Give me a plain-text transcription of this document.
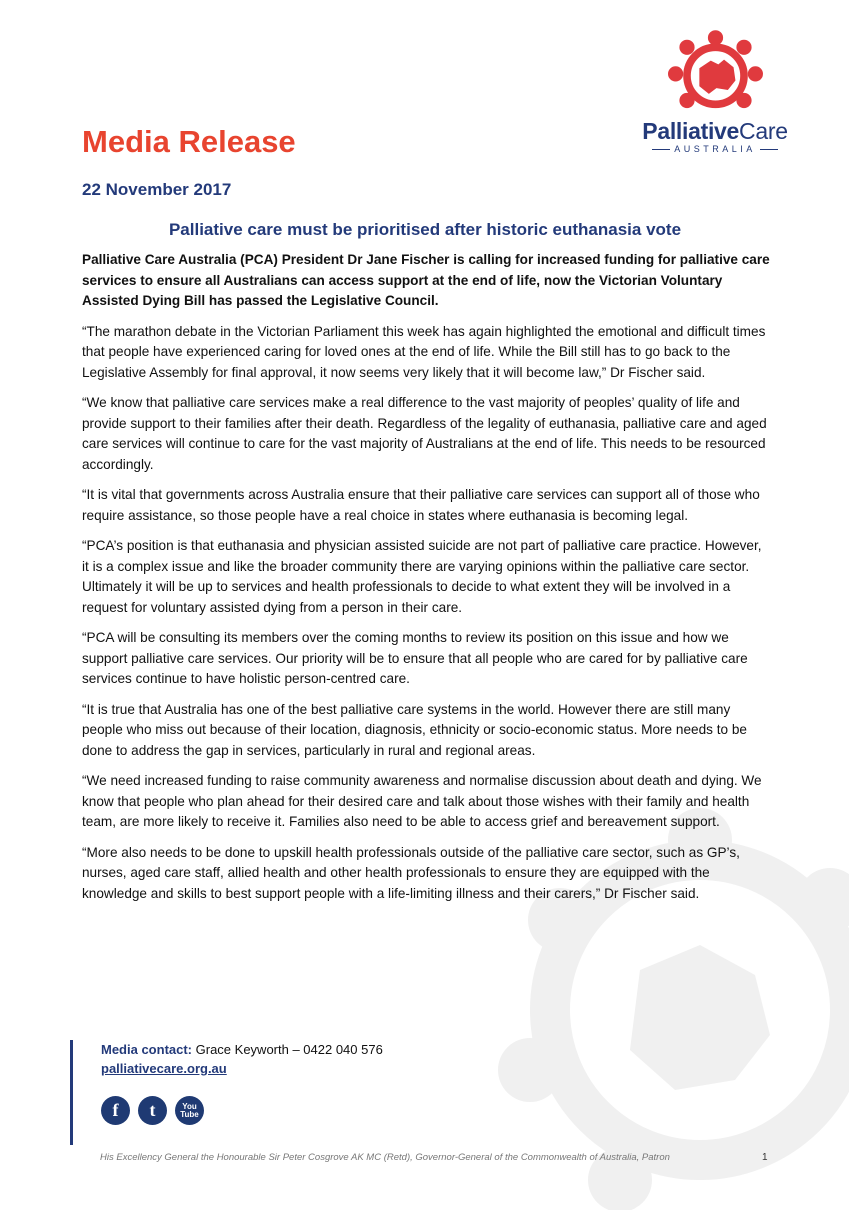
PalliativeCare
AUSTRALIA
Media Release
22 November 2017
Palliative care must be prioritised after historic euthanasia vote

Palliative Care Australia (PCA) President Dr Jane Fischer is calling for increased funding for palliative care services to ensure all Australians can access support at the end of life, now the Victorian Voluntary Assisted Dying Bill has passed the Legislative Council.

“The marathon debate in the Victorian Parliament this week has again highlighted the emotional and difficult times that people have experienced caring for loved ones at the end of life. While the Bill still has to go back to the Legislative Assembly for final approval, it now seems very likely that it will become law,” Dr Fischer said.

“We know that palliative care services make a real difference to the vast majority of peoples’ quality of life and provide support to their families after their death. Regardless of the legality of euthanasia, palliative care and aged care services will continue to care for the vast majority of Australians at the end of life. This needs to be resourced accordingly.

“It is vital that governments across Australia ensure that their palliative care services can support all of those who require assistance, so those people have a real choice in states where euthanasia is becoming legal.

“PCA’s position is that euthanasia and physician assisted suicide are not part of palliative care practice. However, it is a complex issue and like the broader community there are varying opinions within the palliative care sector. Ultimately it will be up to services and health professionals to decide to what extent they will be involved in a request for voluntary assisted dying from a person in their care.

“PCA will be consulting its members over the coming months to review its position on this issue and how we support palliative care services. Our priority will be to ensure that all people who are cared for by palliative care services continue to have holistic person-centred care.

“It is true that Australia has one of the best palliative care systems in the world. However there are still many people who miss out because of their location, diagnosis, ethnicity or socio-economic status. More needs to be done to address the gap in services, particularly in rural and regional areas.

“We need increased funding to raise community awareness and normalise discussion about death and dying. We know that people who plan ahead for their desired care and talk about those wishes with their family and health team, are more likely to receive it. Families also need to be able to access grief and bereavement support.

“More also needs to be done to upskill health professionals outside of the palliative care sector, such as GP’s, nurses, aged care staff, allied health and other health professionals to ensure they are equipped with the knowledge and skills to best support people with a life-limiting illness and their carers,” Dr Fischer said.

Media contact: Grace Keyworth – 0422 040 576
palliativecare.org.au
f	t	You
Tube
His Excellency General the Honourable Sir Peter Cosgrove AK MC (Retd), Governor-General of the Commonwealth of Australia, Patron	1
